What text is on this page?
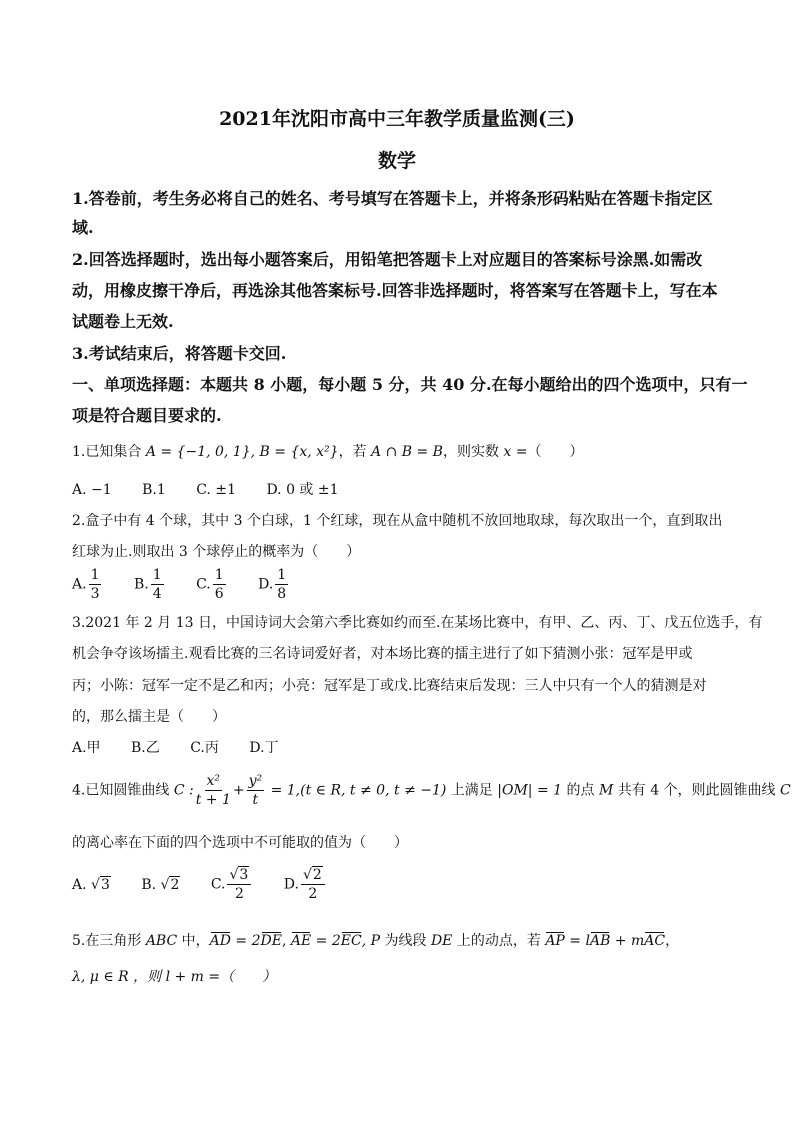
2021年沈阳市高中三年教学质量监测(三)
数学
1.答卷前，考生务必将自己的姓名、考号填写在答题卡上，并将条形码粘贴在答题卡指定区
域.
2.回答选择题时，选出每小题答案后，用铅笔把答题卡上对应题目的答案标号涂黑.如需改
动，用橡皮擦干净后，再选涂其他答案标号.回答非选择题时，将答案写在答题卡上，写在本
试题卷上无效.
3.考试结束后，将答题卡交回.
一、单项选择题：本题共 8 小题，每小题 5 分，共 40 分.在每小题给出的四个选项中，只有一
项是符合题目要求的.
1.已知集合 A = {−1, 0, 1}, B = {x, x²}，若 A ∩ B = B，则实数 x =（　　）
A. −1 B.1 C. ±1 D. 0 或 ±1
2.盒子中有 4 个球，其中 3 个白球，1 个红球，现在从盒中随机不放回地取球，每次取出一个，直到取出
红球为止.则取出 3 个球停止的概率为（　　）
A. $\frac{1}{3} B$. $\frac{1}{4} C$. $\frac{1}{6} D$. $\frac{1}{8}$
3.2021 年 2 月 13 日，中国诗词大会第六季比赛如约而至.在某场比赛中，有甲、乙、丙、丁、戊五位选手，有
机会争夺该场擂主.观看比赛的三名诗词爱好者，对本场比赛的擂主进行了如下猜测小张：冠军是甲或
丙；小陈：冠军一定不是乙和丙；小亮：冠军是丁或戊.比赛结束后发现：三人中只有一个人的猜测是对
的，那么擂主是（　　）
A.甲 B.乙 C.丙 D.丁
4.已知圆锥曲线 C : $\frac{\text{x²}}{t + 1} + \frac{\text{y²}}{t} = 1,(t$ ∈ R, t ≠ 0, t ≠ −1) 上满足 |OM| = 1 的点 M 共有 4 个，则此圆锥曲线 C
的离心率在下面的四个选项中不可能取的值为（　　）
A. √3 B. √2 C. $\frac{√3}{2} D$. $\frac{√2}{2}$
5.在三角形 ABC 中，AD = 2DE, AE = 2EC, P 为线段 DE 上的动点，若 AP = lAB + mAC，
λ, μ ∈ R ，则 l + m =（　　）
